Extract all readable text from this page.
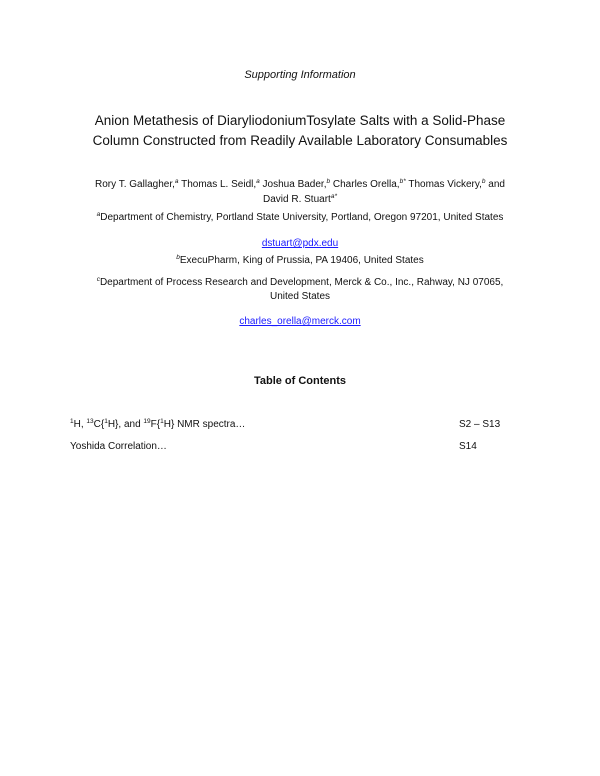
Supporting Information
Anion Metathesis of DiaryliodoniumTosylate Salts with a Solid-Phase
Column Constructed from Readily Available Laboratory Consumables
Rory T. Gallagher,$^a$ Thomas L. Seidl,$^a$ Joshua Bader,$^b$ Charles Orella,$^{b*}$ Thomas Vickery,$^b$ and
David R. Stuart$^{a*}$
$^a$Department of Chemistry, Portland State University, Portland, Oregon 97201, United States
dstuart@pdx.edu
$^b$ExecuPharm, King of Prussia, PA 19406, United States
$^c$Department of Process Research and Development, Merck & Co., Inc., Rahway, NJ 07065,
United States
charles_orella@merck.com
Table of Contents
$^1$H, $^{13}$C{$^1$H}, and $^{19}$F{$^1$H} NMR spectra…	S2 – S13
Yoshida Correlation…	S14
